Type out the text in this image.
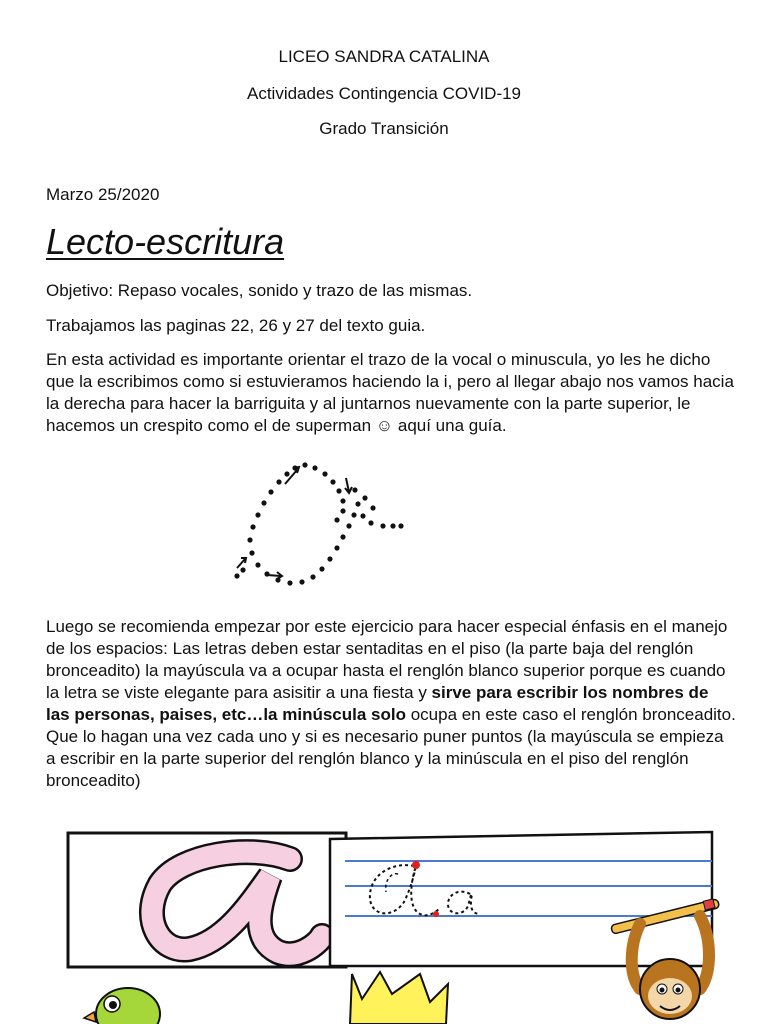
LICEO SANDRA CATALINA
Actividades Contingencia COVID-19
Grado Transición
Marzo 25/2020
Lecto-escritura
Objetivo: Repaso vocales, sonido y trazo de las mismas.
Trabajamos las paginas 22, 26 y 27 del texto guia.
En esta actividad es importante orientar el trazo de la vocal o minuscula, yo les he dicho que la escribimos como si estuvieramos haciendo la i, pero al llegar abajo nos vamos hacia la derecha para hacer la barriguita y al juntarnos nuevamente con la parte superior, le hacemos un crespito como el de superman ☺ aquí una guía.
Luego se recomienda empezar por este ejercicio para hacer especial énfasis en el manejo de los espacios: Las letras deben estar sentaditas en el piso (la parte baja del renglón bronceadito) la mayúscula va a ocupar hasta el renglón blanco superior porque es cuando la letra se viste elegante para asisitir a una fiesta y sirve para escribir los nombres de las personas, paises, etc…la minúscula solo ocupa en este caso el renglón bronceadito. Que lo hagan una vez cada uno y si es necesario puner puntos (la mayúscula se empieza a escribir en la parte superior del renglón blanco y la minúscula en el piso del renglón bronceadito)
